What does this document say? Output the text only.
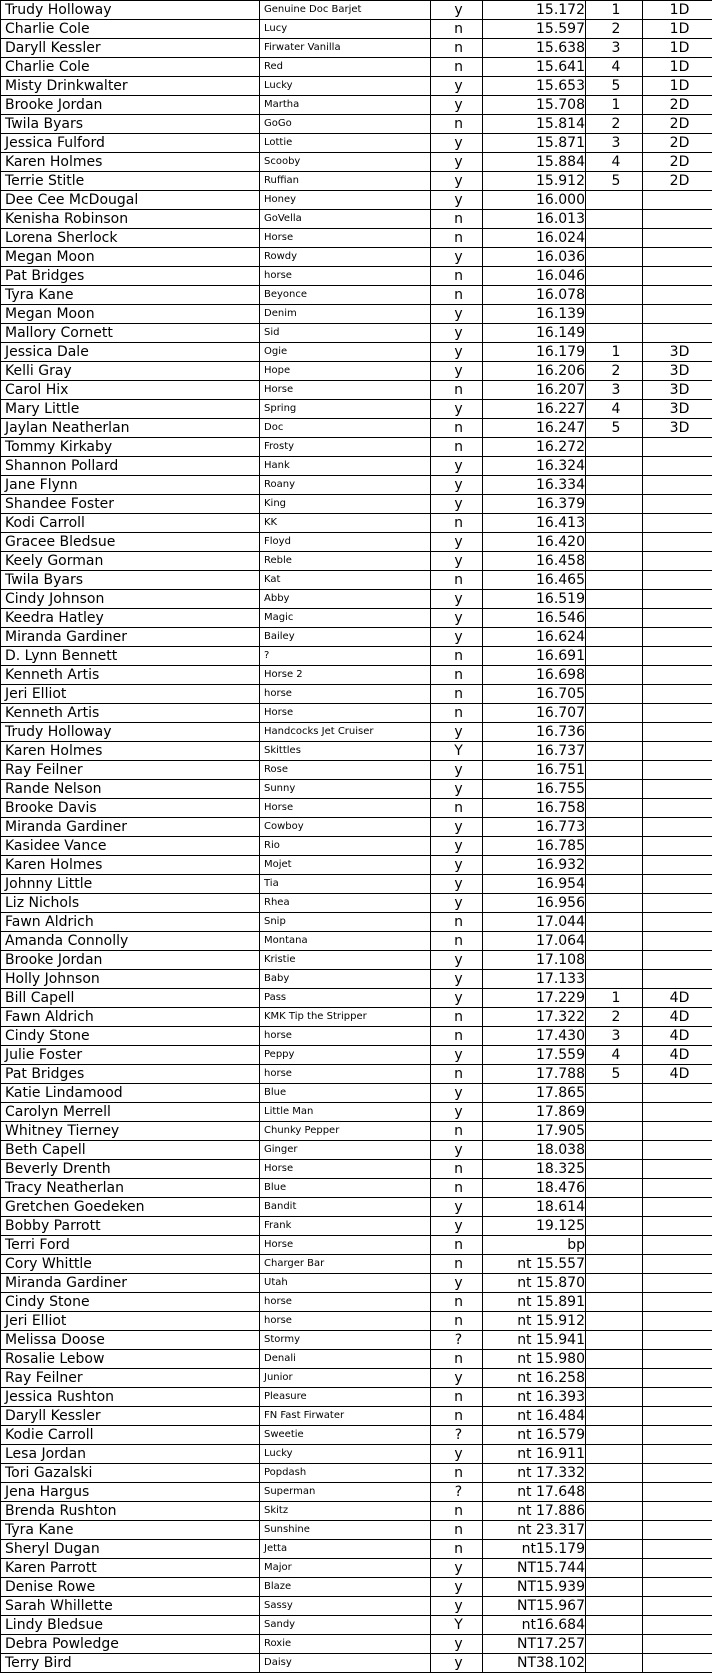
Trudy Holloway	Genuine Doc Barjet	y	15.172	1	1D
Charlie Cole	Lucy	n	15.597	2	1D
Daryll Kessler	Firwater Vanilla	n	15.638	3	1D
Charlie Cole	Red	n	15.641	4	1D
Misty Drinkwalter	Lucky	y	15.653	5	1D
Brooke Jordan	Martha	y	15.708	1	2D
Twila Byars	GoGo	n	15.814	2	2D
Jessica Fulford	Lottie	y	15.871	3	2D
Karen Holmes	Scooby	y	15.884	4	2D
Terrie Stitle	Ruffian	y	15.912	5	2D
Dee Cee McDougal	Honey	y	16.000		
Kenisha Robinson	GoVella	n	16.013		
Lorena Sherlock	Horse	n	16.024		
Megan Moon	Rowdy	y	16.036		
Pat Bridges	horse	n	16.046		
Tyra Kane	Beyonce	n	16.078		
Megan Moon	Denim	y	16.139		
Mallory Cornett	Sid	y	16.149		
Jessica Dale	Ogie	y	16.179	1	3D
Kelli Gray	Hope	y	16.206	2	3D
Carol Hix	Horse	n	16.207	3	3D
Mary Little	Spring	y	16.227	4	3D
Jaylan Neatherlan	Doc	n	16.247	5	3D
Tommy Kirkaby	Frosty	n	16.272		
Shannon Pollard	Hank	y	16.324		
Jane Flynn	Roany	y	16.334		
Shandee Foster	King	y	16.379		
Kodi Carroll	KK	n	16.413		
Gracee Bledsue	Floyd	y	16.420		
Keely Gorman	Reble	y	16.458		
Twila Byars	Kat	n	16.465		
Cindy Johnson	Abby	y	16.519		
Keedra Hatley	Magic	y	16.546		
Miranda Gardiner	Bailey	y	16.624		
D. Lynn Bennett	?	n	16.691		
Kenneth Artis	Horse 2	n	16.698		
Jeri Elliot	horse	n	16.705		
Kenneth Artis	Horse	n	16.707		
Trudy Holloway	Handcocks Jet Cruiser	y	16.736		
Karen Holmes	Skittles	Y	16.737		
Ray Feilner	Rose	y	16.751		
Rande Nelson	Sunny	y	16.755		
Brooke Davis	Horse	n	16.758		
Miranda Gardiner	Cowboy	y	16.773		
Kasidee Vance	Rio	y	16.785		
Karen Holmes	Mojet	y	16.932		
Johnny Little	Tia	y	16.954		
Liz Nichols	Rhea	y	16.956		
Fawn Aldrich	Snip	n	17.044		
Amanda Connolly	Montana	n	17.064		
Brooke Jordan	Kristie	y	17.108		
Holly Johnson	Baby	y	17.133		
Bill Capell	Pass	y	17.229	1	4D
Fawn Aldrich	KMK Tip the Stripper	n	17.322	2	4D
Cindy Stone	horse	n	17.430	3	4D
Julie Foster	Peppy	y	17.559	4	4D
Pat Bridges	horse	n	17.788	5	4D
Katie Lindamood	Blue	y	17.865		
Carolyn Merrell	Little Man	y	17.869		
Whitney Tierney	Chunky Pepper	n	17.905		
Beth Capell	Ginger	y	18.038		
Beverly Drenth	Horse	n	18.325		
Tracy Neatherlan	Blue	n	18.476		
Gretchen Goedeken	Bandit	y	18.614		
Bobby Parrott	Frank	y	19.125		
Terri Ford	Horse	n	bp		
Cory Whittle	Charger Bar	n	nt 15.557		
Miranda Gardiner	Utah	y	nt 15.870		
Cindy Stone	horse	n	nt 15.891		
Jeri Elliot	horse	n	nt 15.912		
Melissa Doose	Stormy	?	nt 15.941		
Rosalie Lebow	Denali	n	nt 15.980		
Ray Feilner	Junior	y	nt 16.258		
Jessica Rushton	Pleasure	n	nt 16.393		
Daryll Kessler	FN Fast Firwater	n	nt 16.484		
Kodie Carroll	Sweetie	?	nt 16.579		
Lesa Jordan	Lucky	y	nt 16.911		
Tori Gazalski	Popdash	n	nt 17.332		
Jena Hargus	Superman	?	nt 17.648		
Brenda Rushton	Skitz	n	nt 17.886		
Tyra Kane	Sunshine	n	nt 23.317		
Sheryl Dugan	Jetta	n	nt15.179		
Karen Parrott	Major	y	NT15.744		
Denise Rowe	Blaze	y	NT15.939		
Sarah Whillette	Sassy	y	NT15.967		
Lindy Bledsue	Sandy	Y	nt16.684		
Debra Powledge	Roxie	y	NT17.257		
Terry Bird	Daisy	y	NT38.102		
